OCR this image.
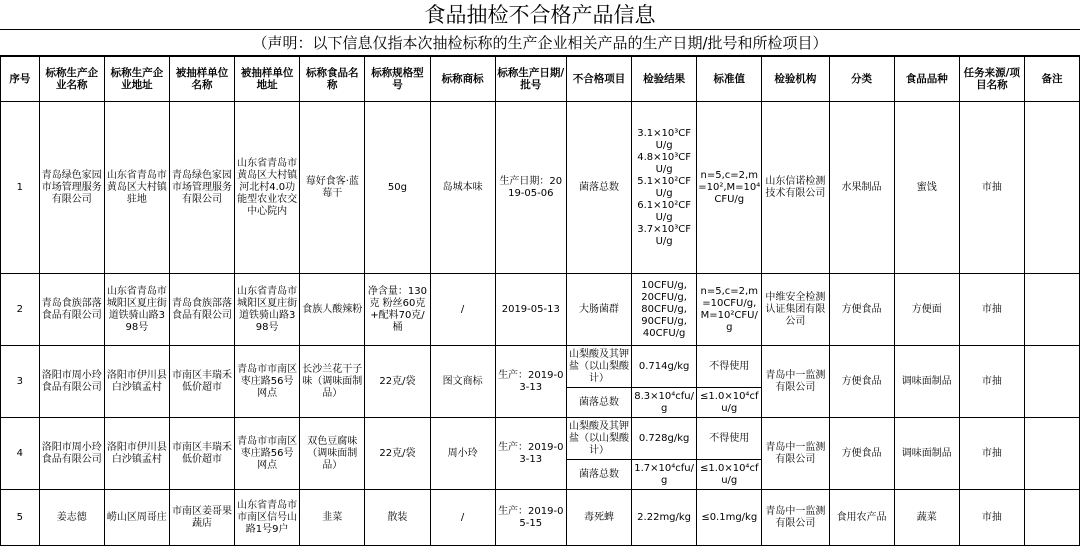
食品抽检不合格产品信息
（声明：以下信息仅指本次抽检标称的生产企业相关产品的生产日期/批号和所检项目）
序号	标称生产企业名称	标称生产企业地址	被抽样单位名称	被抽样单位地址	标称食品名称	标称规格型号	标称商标	标称生产日期/批号	不合格项目	检验结果	标准值	检验机构	分类	食品品种	任务来源/项目名称	备注
1	青岛绿色家园市场管理服务有限公司	山东省青岛市黄岛区大村镇驻地	青岛绿色家园市场管理服务有限公司	山东省青岛市黄岛区大村镇河北村4.0功能型农业农交中心院内	莓好食客·蓝莓干	50g	岛城本味	生产日期：2019-05-06	菌落总数	3.1×10³CFU/g
4.8×10³CFU/g
5.1×10²CFU/g
6.1×10²CFU/g
3.7×10³CFU/g	n=5,c=2,m=10²,M=10⁴CFU/g	山东信诺检测技术有限公司	水果制品	蜜饯	市抽	
2	青岛食族部落食品有限公司	山东省青岛市城阳区夏庄街道铁骑山路398号	青岛食族部落食品有限公司	山东省青岛市城阳区夏庄街道铁骑山路398号	食族人酸辣粉	净含量：130克 粉丝60克+配料70克/桶	/	2019-05-13	大肠菌群	10CFU/g,
20CFU/g,
80CFU/g,
90CFU/g,
40CFU/g	n=5,c=2,m=10CFU/g,M=10²CFU/g	中维安全检测认证集团有限公司	方便食品	方便面	市抽	
3	洛阳市周小玲食品有限公司	洛阳市伊川县白沙镇孟村	市南区丰瑞禾低价超市	青岛市市南区枣庄路56号网点	长沙兰花干子味（调味面制品）	22克/袋	图文商标	生产：2019-03-13	山梨酸及其钾盐（以山梨酸计）	0.714g/kg	不得使用	青岛中一监测有限公司	方便食品	调味面制品	市抽	
									菌落总数	8.3×10⁴cfu/g	≤1.0×10⁴cfu/g					
4	洛阳市周小玲食品有限公司	洛阳市伊川县白沙镇孟村	市南区丰瑞禾低价超市	青岛市市南区枣庄路56号网点	双色豆腐味（调味面制品）	22克/袋	周小玲	生产：2019-03-13	山梨酸及其钾盐（以山梨酸计）	0.728g/kg	不得使用	青岛中一监测有限公司	方便食品	调味面制品	市抽	
									菌落总数	1.7×10⁴cfu/g	≤1.0×10⁴cfu/g					
5	姜志德	崂山区周哥庄	市南区姜哥果蔬店	山东省青岛市市南区信号山路1号9户	韭菜	散装	/	生产：2019-05-15	毒死蜱	2.22mg/kg	≤0.1mg/kg	青岛中一监测有限公司	食用农产品	蔬菜	市抽	
